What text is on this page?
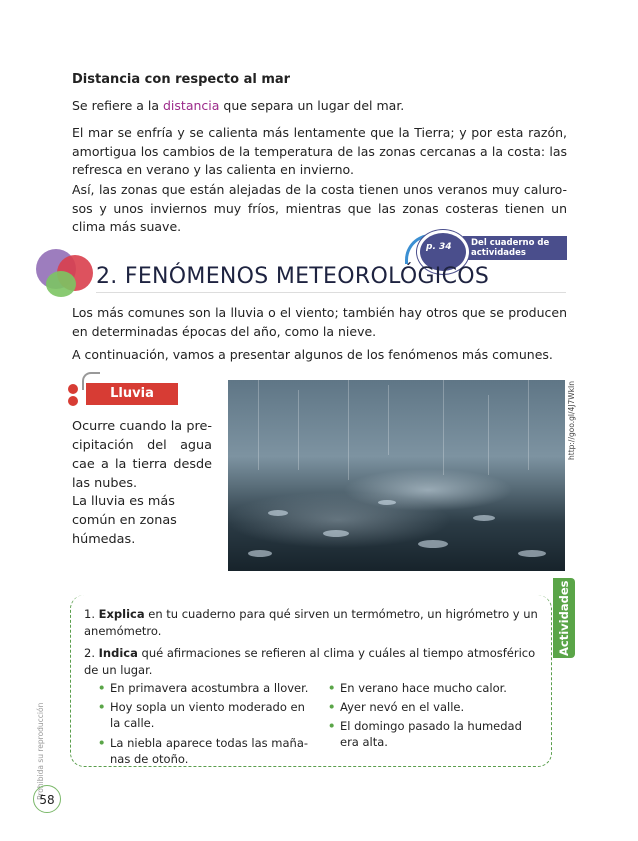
Distancia con respecto al mar
Se refiere a la distancia que separa un lugar del mar.
El mar se enfría y se calienta más lentamente que la Tierra; y por esta razón, amortigua los cambios de la temperatura de las zonas cercanas a la costa: las refresca en verano y las calienta en invierno.
Así, las zonas que están alejadas de la costa tienen unos veranos muy caluro-sos y unos inviernos muy fríos, mientras que las zonas costeras tienen un clima más suave.
Del cuaderno de actividades
p. 34
2. FENÓMENOS METEOROLÓGICOS
Los más comunes son la lluvia o el viento; también hay otros que se producen en determinadas épocas del año, como la nieve.
A continuación, vamos a presentar algunos de los fenómenos más comunes.
Lluvia
Ocurre cuando la pre-cipitación del agua cae a la tierra desde las nubes.
La lluvia es más común en zonas húmedas.
http://goo.gl/4J7WkIn
Actividades
1. Explica en tu cuaderno para qué sirven un termómetro, un higrómetro y un anemómetro.
2. Indica qué afirmaciones se refieren al clima y cuáles al tiempo atmosférico de un lugar.
• En primavera acostumbra a llover.
• Hoy sopla un viento moderado en la calle.
• La niebla aparece todas las maña-nas de otoño.
• En verano hace mucho calor.
• Ayer nevó en el valle.
• El domingo pasado la humedad era alta.
Prohibida su reproducción
58
